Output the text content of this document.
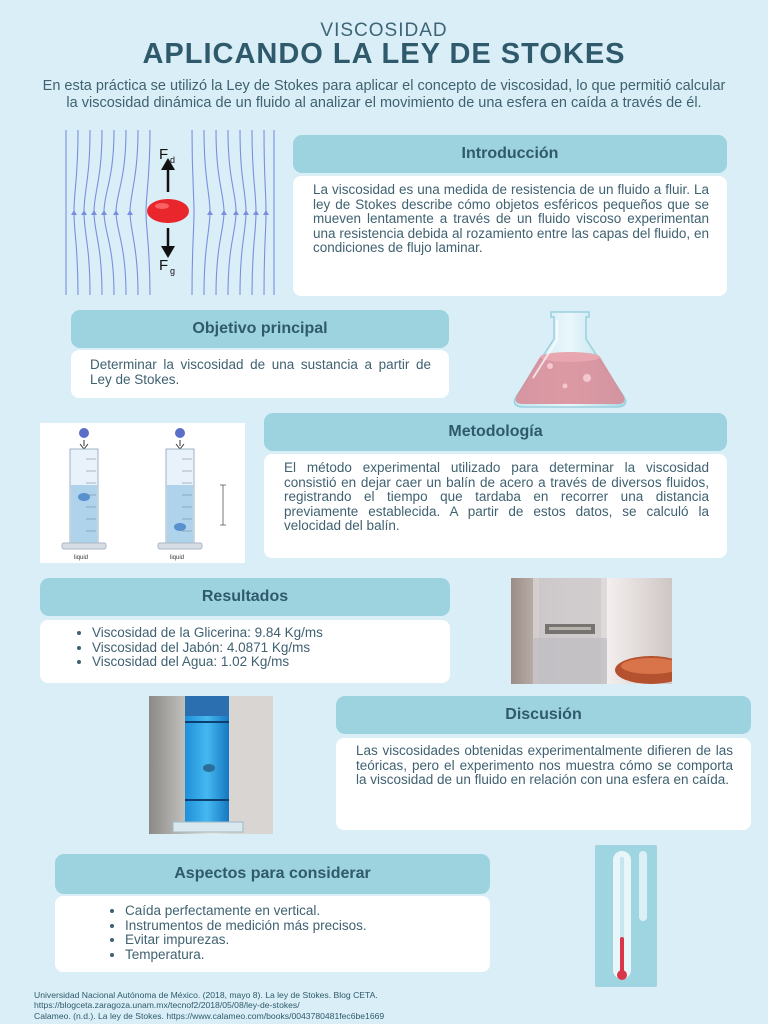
VISCOSIDAD
APLICANDO LA LEY DE STOKES
En esta práctica se utilizó la Ley de Stokes para aplicar el concepto de viscosidad, lo que permitió calcular la viscosidad dinámica de un fluido al analizar el movimiento de una esfera en caída a través de él.
F d
F g
Introducción
La viscosidad es una medida de resistencia de un fluido a fluir. La ley de Stokes describe cómo objetos esféricos pequeños que se mueven lentamente a través de un fluido viscoso experimentan una resistencia debida al rozamiento entre las capas del fluido, en condiciones de flujo laminar.
Objetivo principal
Determinar la viscosidad de una sustancia a partir de Ley de Stokes.
liquid	liquid
Metodología
El método experimental utilizado para determinar la viscosidad consistió en dejar caer un balín de acero a través de diversos fluidos, registrando el tiempo que tardaba en recorrer una distancia previamente establecida. A partir de estos datos, se calculó la velocidad del balín.
Resultados
• Viscosidad de la Glicerina: 9.84 Kg/ms
• Viscosidad del Jabón: 4.0871 Kg/ms
• Viscosidad del Agua: 1.02 Kg/ms
Discusión
Las viscosidades obtenidas experimentalmente difieren de las teóricas, pero el experimento nos muestra cómo se comporta la viscosidad de un fluido en relación con una esfera en caída.
Aspectos para considerar
• Caída perfectamente en vertical.
• Instrumentos de medición más precisos.
• Evitar impurezas.
• Temperatura.
Universidad Nacional Autónoma de México. (2018, mayo 8). La ley de Stokes. Blog CETA.
https://blogceta.zaragoza.unam.mx/tecnof2/2018/05/08/ley-de-stokes/
Calameo. (n.d.). La ley de Stokes. https://www.calameo.com/books/0043780481fec6be1669
